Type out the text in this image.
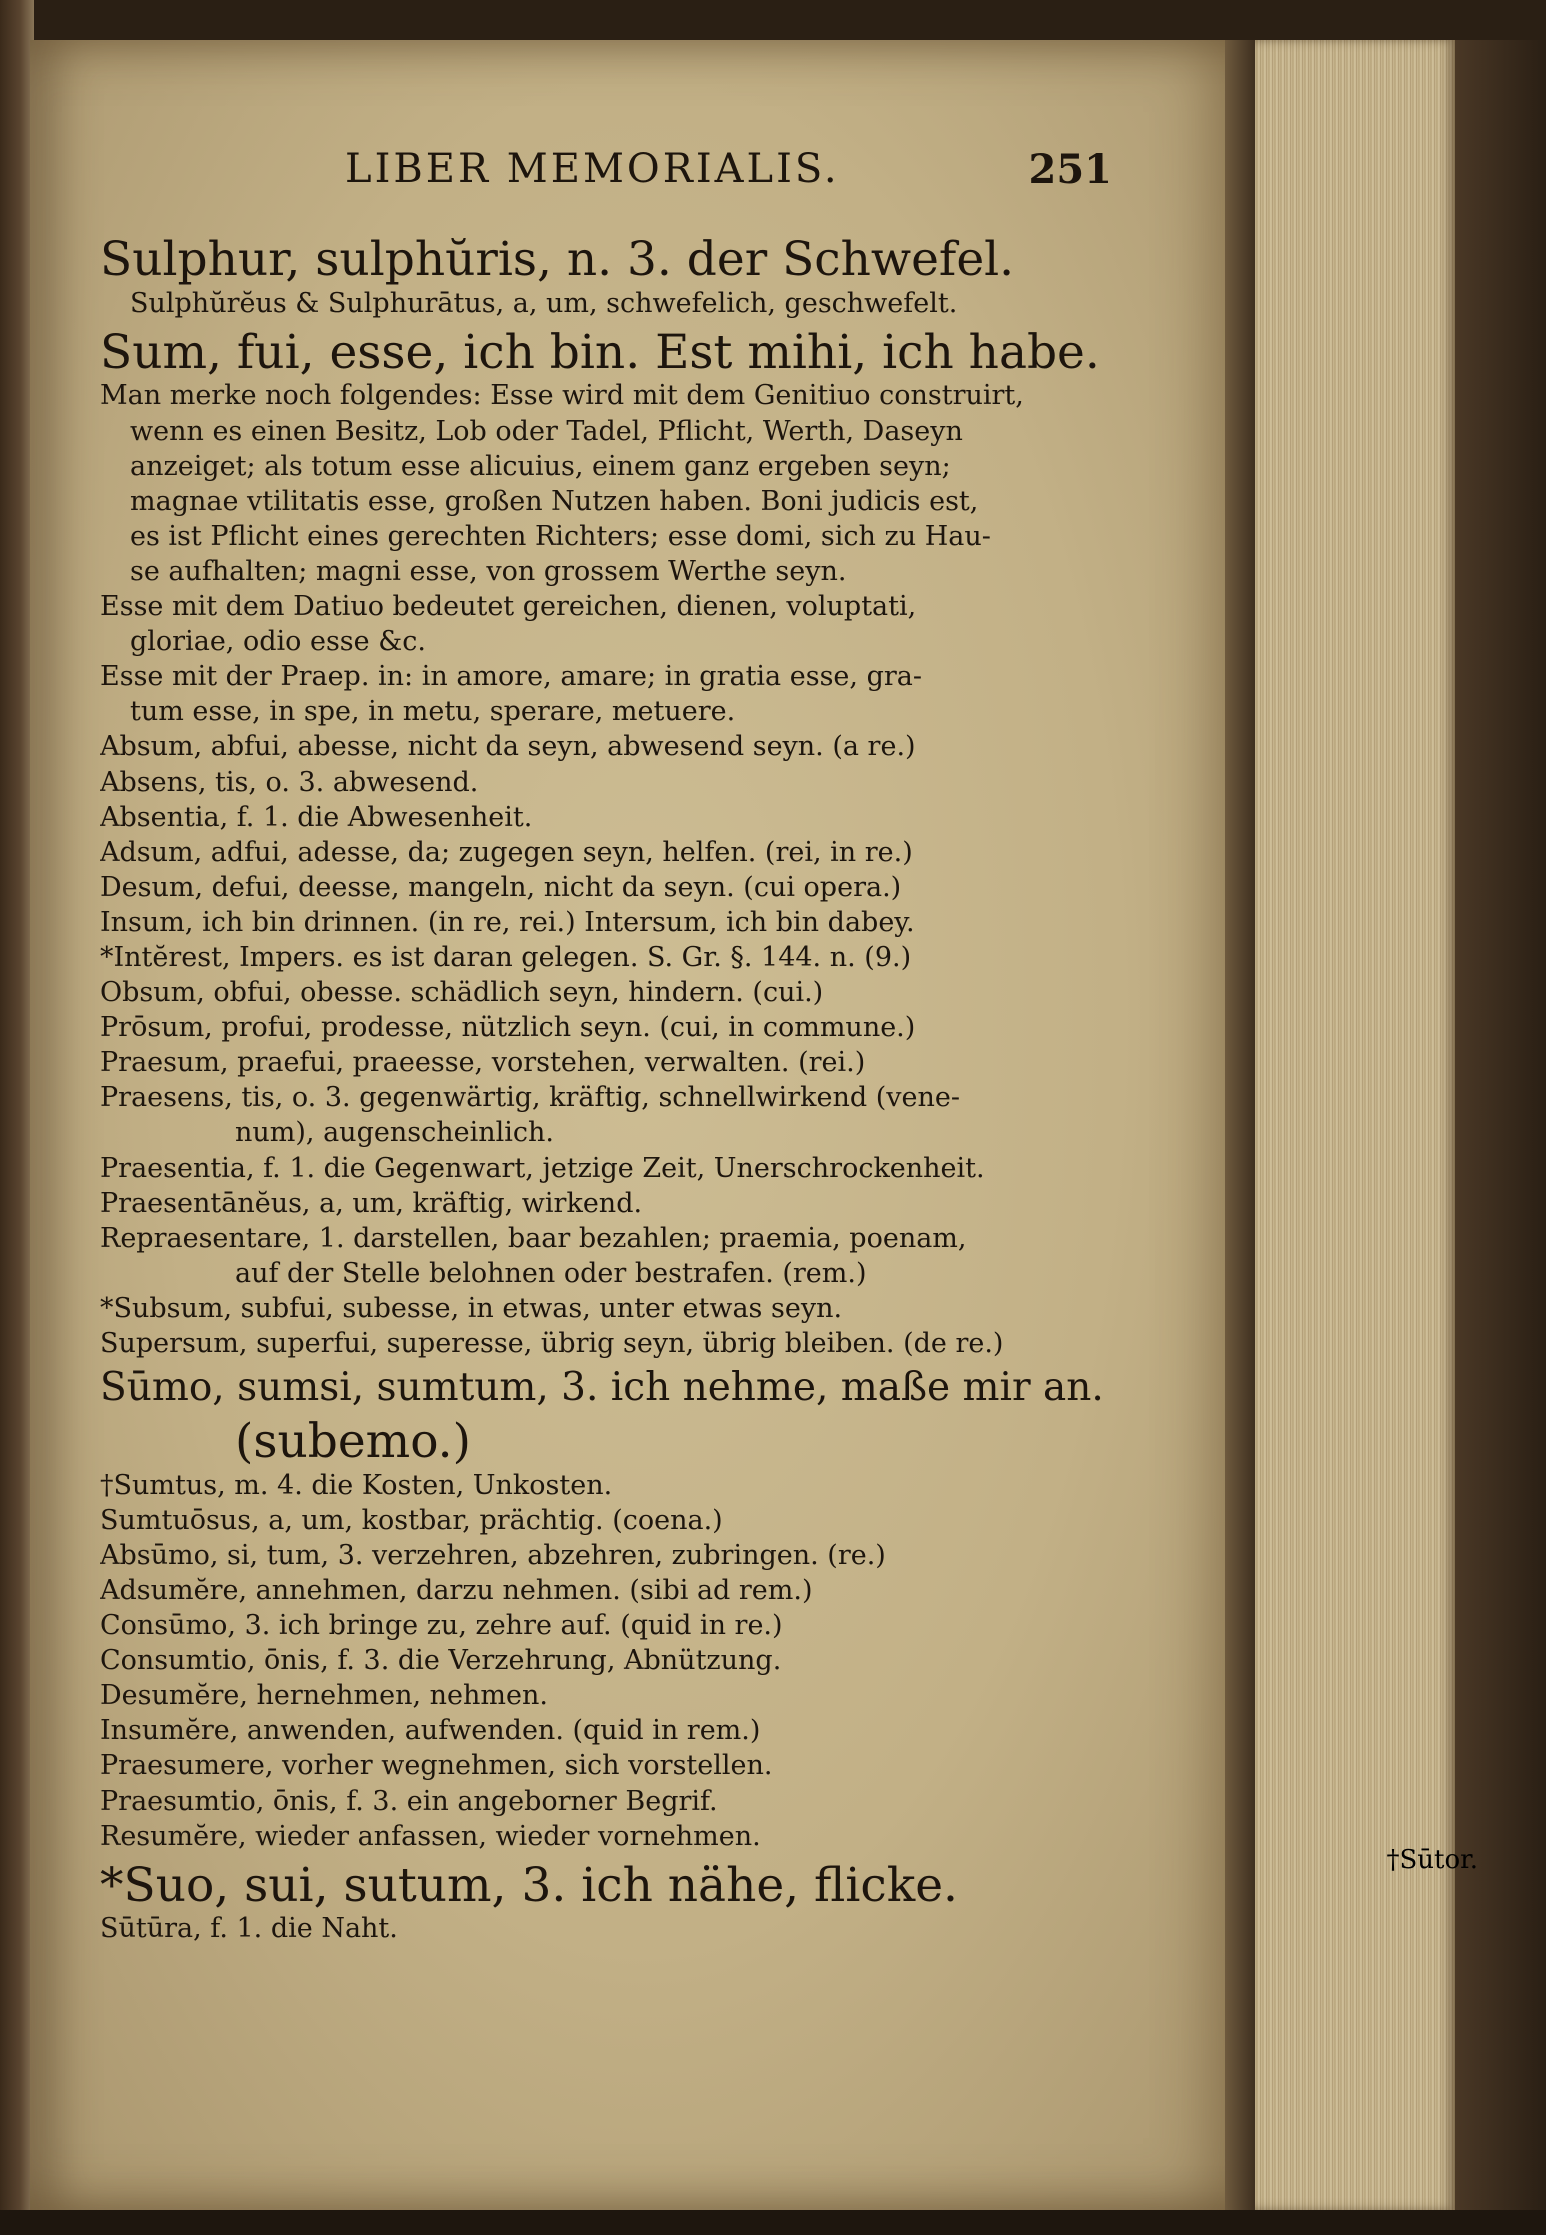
LIBER MEMORIALIS.	251
Sulphur, sulphŭris, n. 3. der Schwefel.
Sulphŭrĕus & Sulphurātus, a, um, schwefelich, geschwefelt.
Sum, fui, esse, ich bin. Est mihi, ich habe.
Man merke noch folgendes: Esse wird mit dem Genitiuo construirt,
wenn es einen Besitz, Lob oder Tadel, Pflicht, Werth, Daseyn
anzeiget; als totum esse alicuius, einem ganz ergeben seyn;
magnae vtilitatis esse, großen Nutzen haben. Boni judicis est,
es ist Pflicht eines gerechten Richters; esse domi, sich zu Hau-
se aufhalten; magni esse, von grossem Werthe seyn.
Esse mit dem Datiuo bedeutet gereichen, dienen, voluptati,
gloriae, odio esse &c.
Esse mit der Praep. in: in amore, amare; in gratia esse, gra-
tum esse, in spe, in metu, sperare, metuere.
Absum, abfui, abesse, nicht da seyn, abwesend seyn. (a re.)
Absens, tis, o. 3. abwesend.
Absentia, f. 1. die Abwesenheit.
Adsum, adfui, adesse, da; zugegen seyn, helfen. (rei, in re.)
Desum, defui, deesse, mangeln, nicht da seyn. (cui opera.)
Insum, ich bin drinnen. (in re, rei.) Intersum, ich bin dabey.
*Intĕrest, Impers. es ist daran gelegen. S. Gr. §. 144. n. (9.)
Obsum, obfui, obesse. schädlich seyn, hindern. (cui.)
Prōsum, profui, prodesse, nützlich seyn. (cui, in commune.)
Praesum, praefui, praeesse, vorstehen, verwalten. (rei.)
Praesens, tis, o. 3. gegenwärtig, kräftig, schnellwirkend (vene-
num), augenscheinlich.
Praesentia, f. 1. die Gegenwart, jetzige Zeit, Unerschrockenheit.
Praesentānĕus, a, um, kräftig, wirkend.
Repraesentare, 1. darstellen, baar bezahlen; praemia, poenam,
auf der Stelle belohnen oder bestrafen. (rem.)
*Subsum, subfui, subesse, in etwas, unter etwas seyn.
Supersum, superfui, superesse, übrig seyn, übrig bleiben. (de re.)
Sūmo, sumsi, sumtum, 3. ich nehme, maße mir an.
(subemo.)
†Sumtus, m. 4. die Kosten, Unkosten.
Sumtuōsus, a, um, kostbar, prächtig. (coena.)
Absūmo, si, tum, 3. verzehren, abzehren, zubringen. (re.)
Adsumĕre, annehmen, darzu nehmen. (sibi ad rem.)
Consūmo, 3. ich bringe zu, zehre auf. (quid in re.)
Consumtio, ōnis, f. 3. die Verzehrung, Abnützung.
Desumĕre, hernehmen, nehmen.
Insumĕre, anwenden, aufwenden. (quid in rem.)
Praesumere, vorher wegnehmen, sich vorstellen.
Praesumtio, ōnis, f. 3. ein angeborner Begrif.
Resumĕre, wieder anfassen, wieder vornehmen.
*Suo, sui, sutum, 3. ich nähe, flicke.
Sūtūra, f. 1. die Naht.
†Sūtor.
